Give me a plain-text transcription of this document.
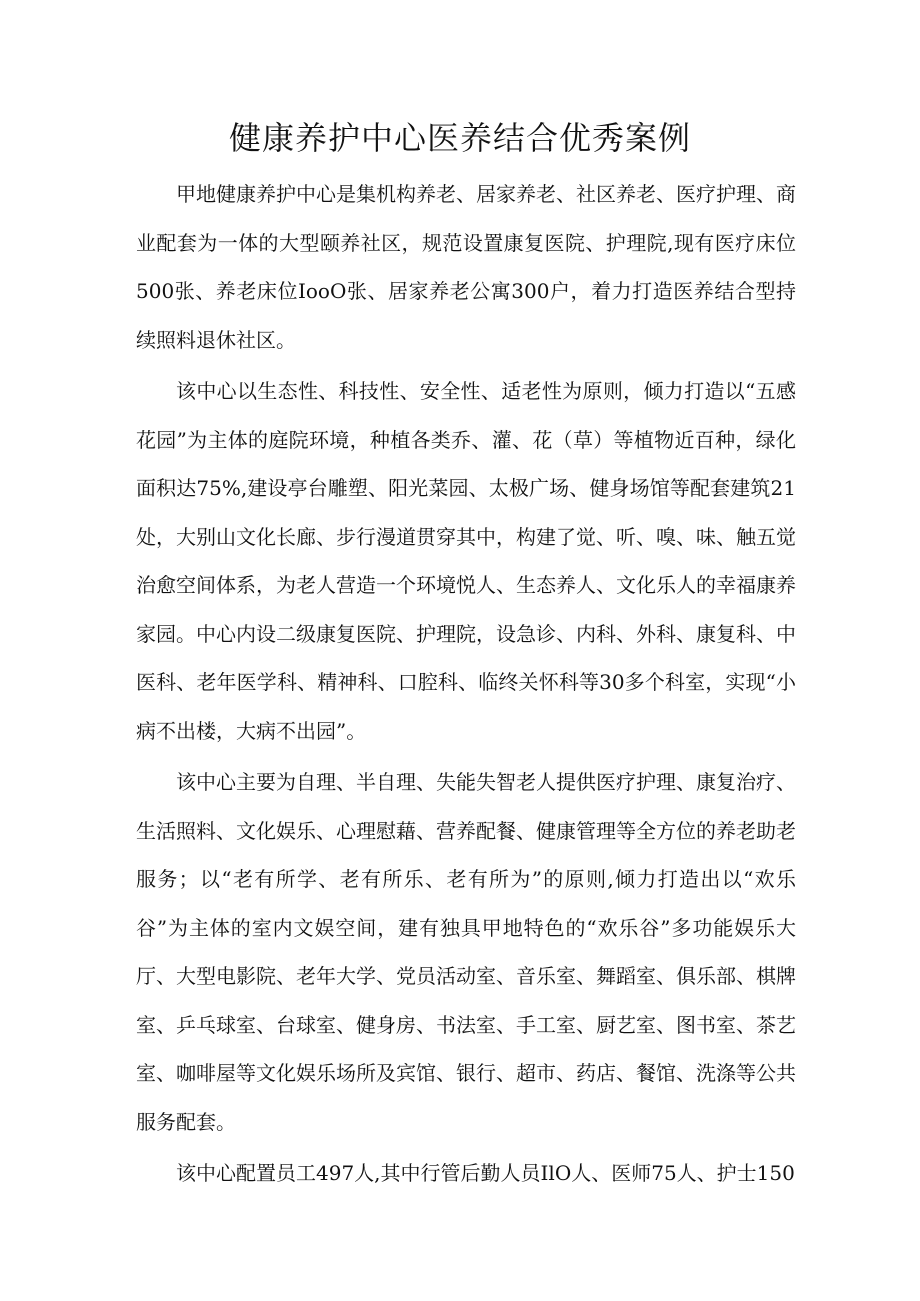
健康养护中心医养结合优秀案例

甲地健康养护中心是集机构养老、居家养老、社区养老、医疗护理、商业配套为一体的大型颐养社区，规范设置康复医院、护理院,现有医疗床位500张、养老床位IooO张、居家养老公寓300户，着力打造医养结合型持续照料退休社区。

该中心以生态性、科技性、安全性、适老性为原则，倾力打造以“五感花园”为主体的庭院环境，种植各类乔、灌、花（草）等植物近百种，绿化面积达75%,建设亭台雕塑、阳光菜园、太极广场、健身场馆等配套建筑21处，大别山文化长廊、步行漫道贯穿其中，构建了觉、听、嗅、味、触五觉治愈空间体系，为老人营造一个环境悦人、生态养人、文化乐人的幸福康养家园。中心内设二级康复医院、护理院，设急诊、内科、外科、康复科、中医科、老年医学科、精神科、口腔科、临终关怀科等30多个科室，实现“小病不出楼，大病不出园”。

该中心主要为自理、半自理、失能失智老人提供医疗护理、康复治疗、生活照料、文化娱乐、心理慰藉、营养配餐、健康管理等全方位的养老助老服务；以“老有所学、老有所乐、老有所为”的原则,倾力打造出以“欢乐谷”为主体的室内文娱空间，建有独具甲地特色的“欢乐谷”多功能娱乐大厅、大型电影院、老年大学、党员活动室、音乐室、舞蹈室、俱乐部、棋牌室、乒乓球室、台球室、健身房、书法室、手工室、厨艺室、图书室、茶艺室、咖啡屋等文化娱乐场所及宾馆、银行、超市、药店、餐馆、洗涤等公共服务配套。

该中心配置员工497人,其中行管后勤人员IlO人、医师75人、护士150
